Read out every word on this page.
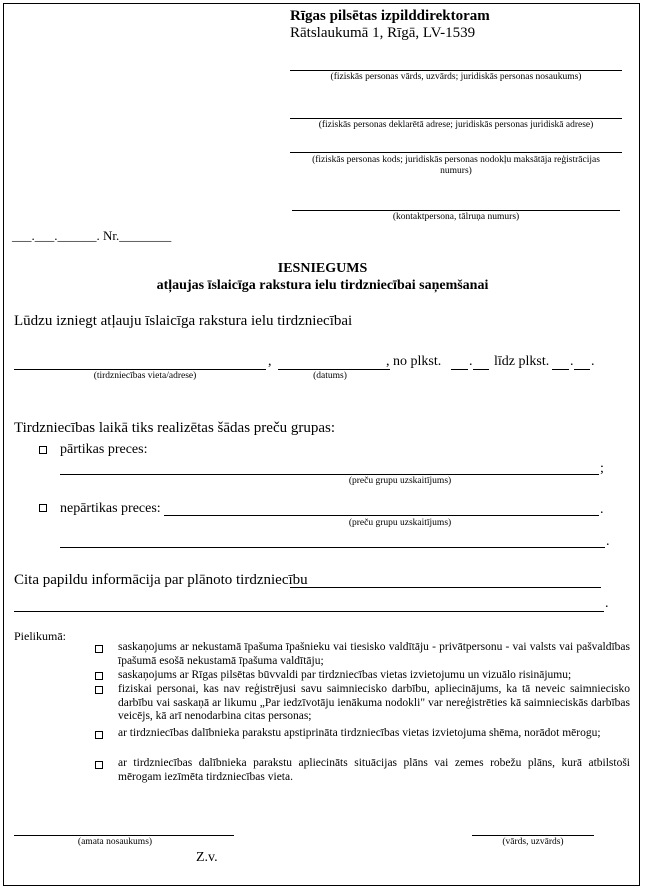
Rīgas pilsētas izpilddirektoram
Rātslaukumā 1, Rīgā, LV-1539
(fiziskās personas vārds, uzvārds; juridiskās personas nosaukums)
(fiziskās personas deklarētā adrese; juridiskās personas juridiskā adrese)
(fiziskās personas kods; juridiskās personas nodokļu maksātāja reģistrācijas numurs)
(kontaktpersona, tālruņa numurs)
___.___.______. Nr.________
IESNIEGUMS
atļaujas īslaicīga rakstura ielu tirdzniecībai saņemšanai
Lūdzu izniegt atļauju īslaicīga rakstura ielu tirdzniecībai
,	, no plkst. . līdz plkst. . .
(tirdzniecības vieta/adrese)	(datums)
Tirdzniecības laikā tiks realizētas šādas preču grupas:
pārtikas preces:
;
(preču grupu uzskaitījums)
nepārtikas preces:	.
(preču grupu uzskaitījums)
.
Cita papildu informācija par plānoto tirdzniecību
.
Pielikumā:
saskaņojums ar nekustamā īpašuma īpašnieku vai tiesisko valdītāju - privātpersonu - vai valsts vai pašvaldības īpašumā esošā nekustamā īpašuma valdītāju;
saskaņojums ar Rīgas pilsētas būvvaldi par tirdzniecības vietas izvietojumu un vizuālo risinājumu;
fiziskai personai, kas nav reģistrējusi savu saimniecisko darbību, apliecinājums, ka tā neveic saimniecisko darbību vai saskaņā ar likumu „Par iedzīvotāju ienākuma nodokli" var nereģistrēties kā saimnieciskās darbības veicējs, kā arī nenodarbina citas personas;
ar tirdzniecības dalībnieka parakstu apstiprināta tirdzniecības vietas izvietojuma shēma, norādot mērogu;
ar tirdzniecības dalībnieka parakstu apliecināts situācijas plāns vai zemes robežu plāns, kurā atbilstoši mērogam iezīmēta tirdzniecības vieta.
(amata nosaukums)	(vārds, uzvārds)
Z.v.
